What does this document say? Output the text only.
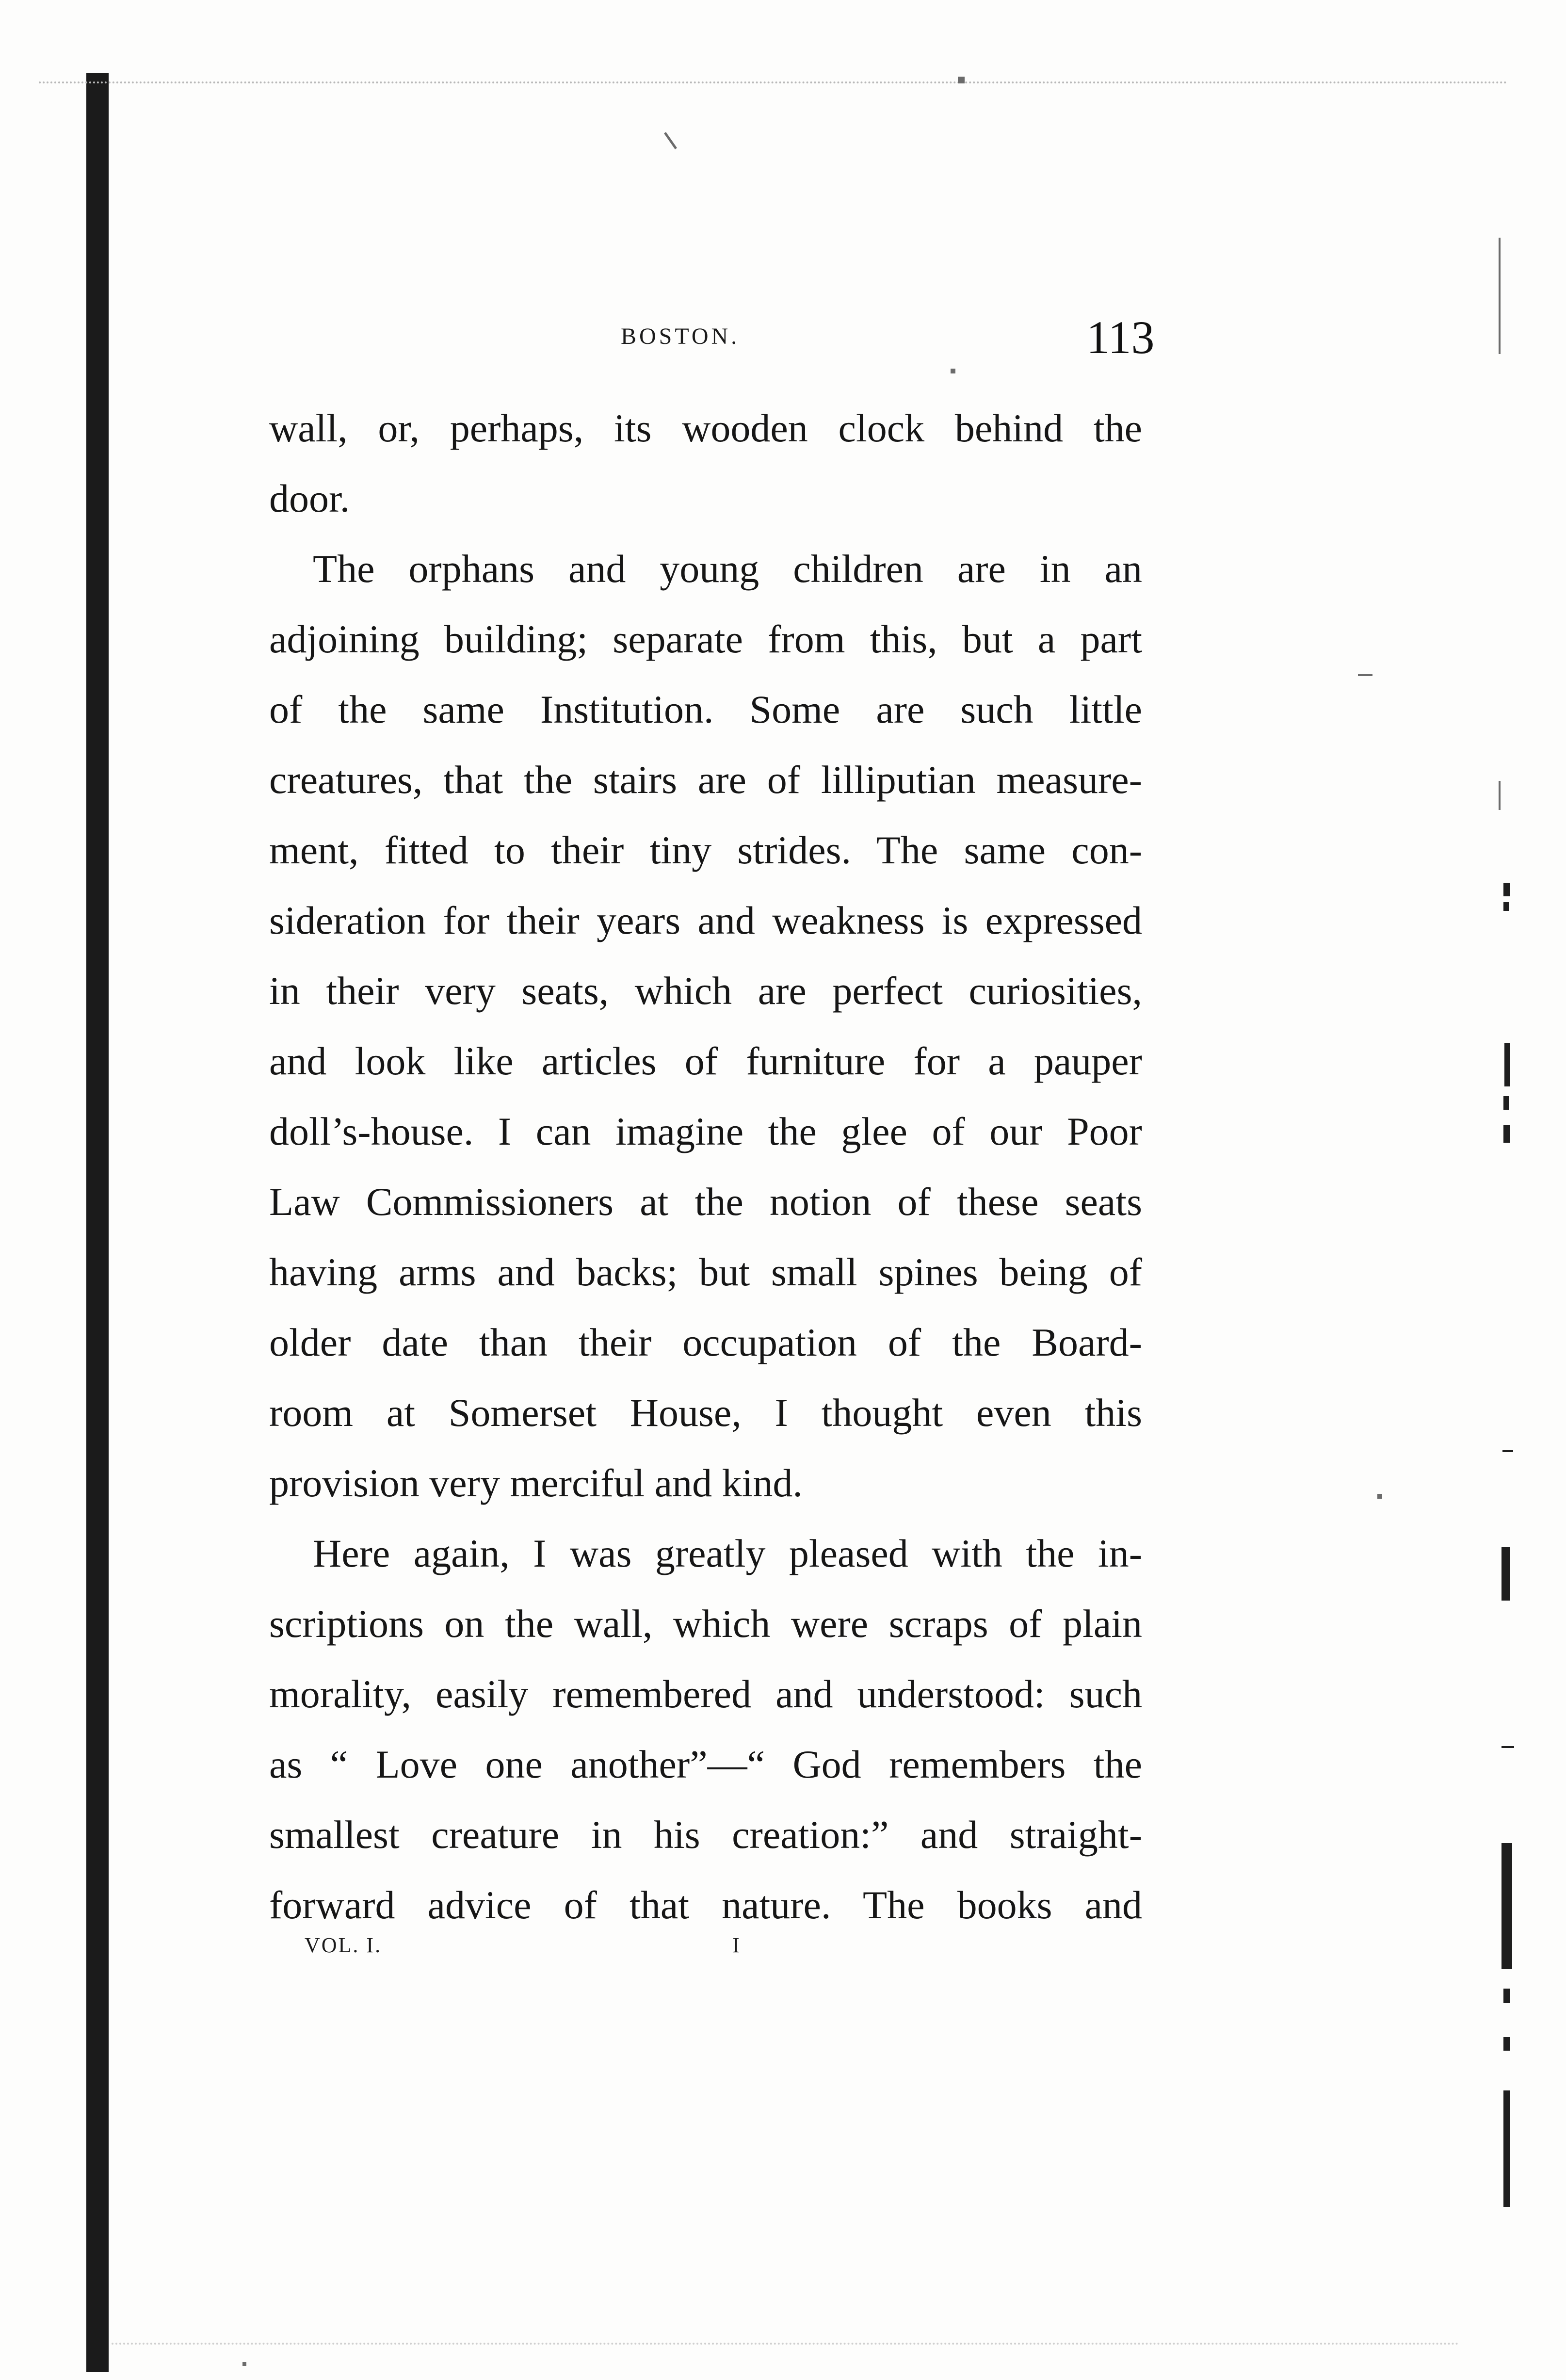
BOSTON.	113
wall, or, perhaps, its wooden clock behind the
door.
The orphans and young children are in an
adjoining building; separate from this, but a part
of the same Institution. Some are such little
creatures, that the stairs are of lilliputian measure-
ment, fitted to their tiny strides. The same con-
sideration for their years and weakness is expressed
in their very seats, which are perfect curiosities,
and look like articles of furniture for a pauper
doll’s-house. I can imagine the glee of our Poor
Law Commissioners at the notion of these seats
having arms and backs; but small spines being of
older date than their occupation of the Board-
room at Somerset House, I thought even this
provision very merciful and kind.
Here again, I was greatly pleased with the in-
scriptions on the wall, which were scraps of plain
morality, easily remembered and understood: such
as “ Love one another”—“ God remembers the
smallest creature in his creation:” and straight-
forward advice of that nature. The books and
VOL. I.	I
